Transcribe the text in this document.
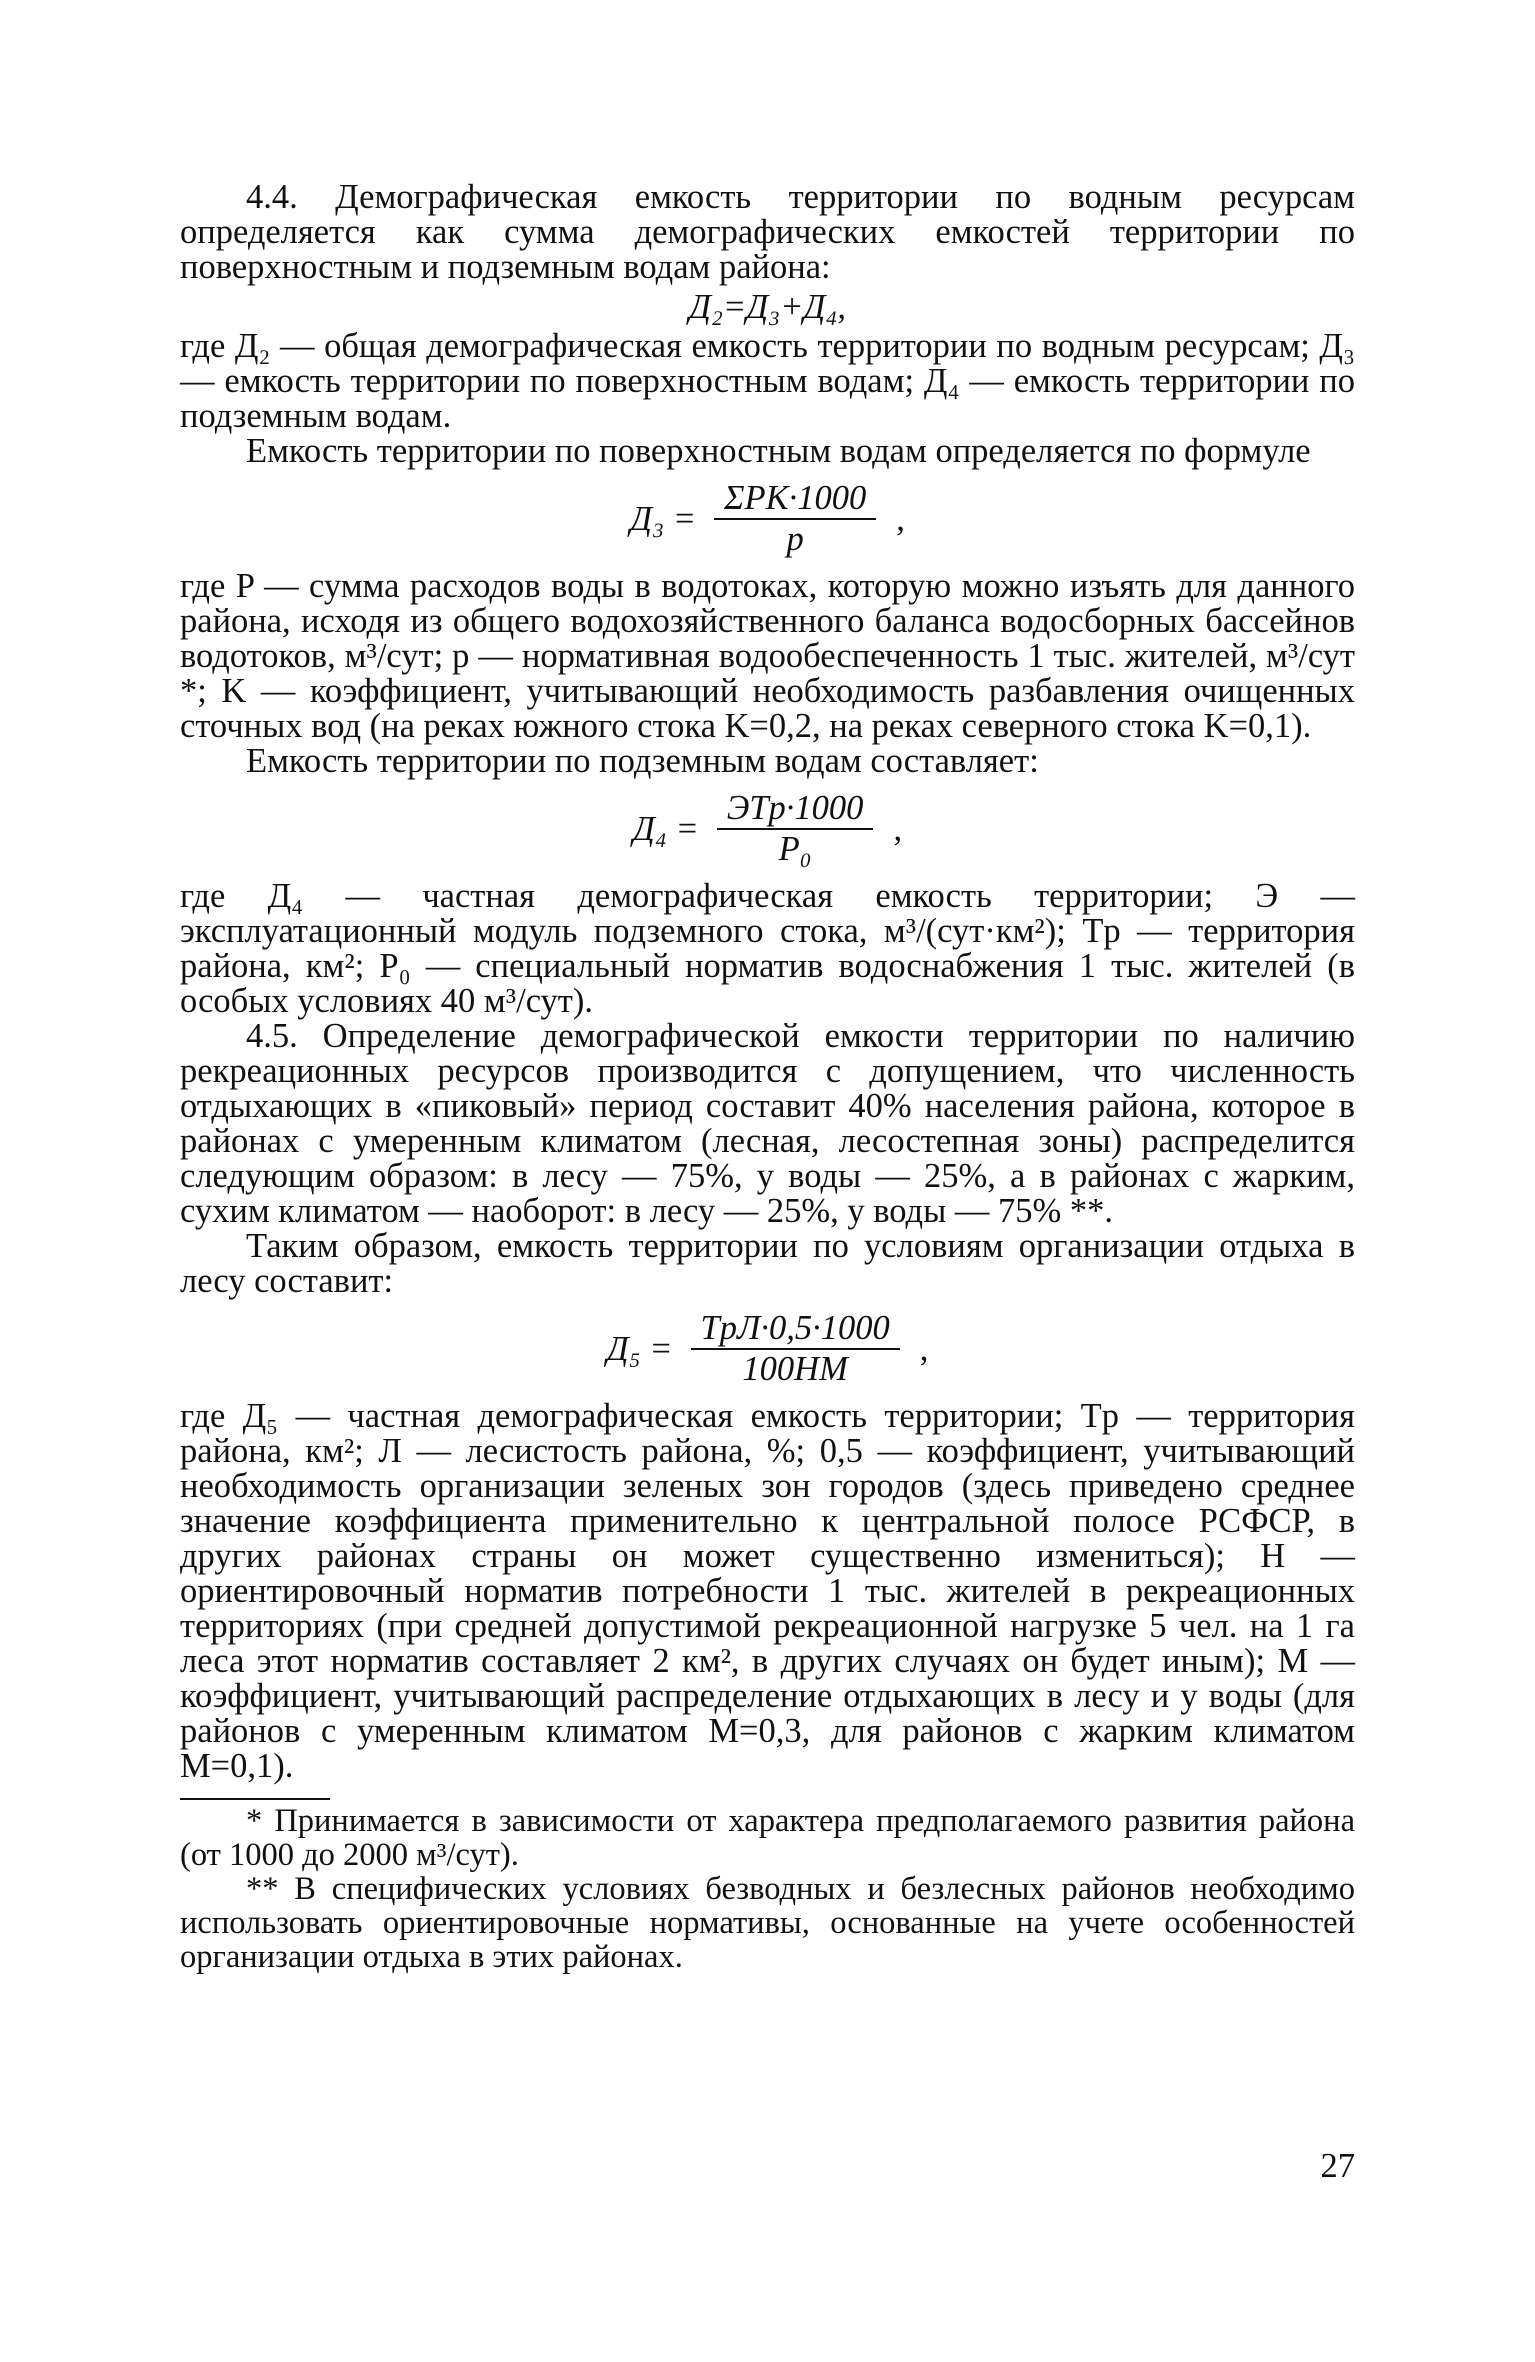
4.4. Демографическая емкость территории по водным ресурсам определяется как сумма демографических емкостей территории по поверхностным и подземным водам района:

Д₂=Д₃+Д₄,

где Д₂ — общая демографическая емкость территории по водным ресурсам; Д₃ — емкость территории по поверхностным водам; Д₄ — емкость территории по подземным водам.

Емкость территории по поверхностным водам определяется по формуле

$Д_3 = \frac{\text{ΣPK·1000}}{p}$ ,

где P — сумма расходов воды в водотоках, которую можно изъять для данного района, исходя из общего водохозяйственного баланса водосборных бассейнов водотоков, м³/сут; p — нормативная водообеспеченность 1 тыс. жителей, м³/сут *; K — коэффициент, учитывающий необходимость разбавления очищенных сточных вод (на реках южного стока K=0,2, на реках северного стока K=0,1).

Емкость территории по подземным водам составляет:

$Д_4 = \frac{\text{ЭTр·1000}}{\text{P₀}}$ ,

где Д₄ — частная демографическая емкость территории; Э — эксплуатационный модуль подземного стока, м³/(сут·км²); Tр — территория района, км²; P₀ — специальный норматив водоснабжения 1 тыс. жителей (в особых условиях 40 м³/сут).

4.5. Определение демографической емкости территории по наличию рекреационных ресурсов производится с допущением, что численность отдыхающих в «пиковый» период составит 40% населения района, которое в районах с умеренным климатом (лесная, лесостепная зоны) распределится следующим образом: в лесу — 75%, у воды — 25%, а в районах с жарким, сухим климатом — наоборот: в лесу — 25%, у воды — 75% **.

Таким образом, емкость территории по условиям организации отдыха в лесу составит:

$Д_5 = \frac{\text{TрЛ·0,5·1000}}{100HM}$ ,

где Д₅ — частная демографическая емкость территории; Tр — территория района, км²; Л — лесистость района, %; 0,5 — коэффициент, учитывающий необходимость организации зеленых зон городов (здесь приведено среднее значение коэффициента применительно к центральной полосе РСФСР, в других районах страны он может существенно измениться); H — ориентировочный норматив потребности 1 тыс. жителей в рекреационных территориях (при средней допустимой рекреационной нагрузке 5 чел. на 1 га леса этот норматив составляет 2 км², в других случаях он будет иным); M — коэффициент, учитывающий распределение отдыхающих в лесу и у воды (для районов с умеренным климатом M=0,3, для районов с жарким климатом M=0,1).

* Принимается в зависимости от характера предполагаемого развития района (от 1000 до 2000 м³/сут).

** В специфических условиях безводных и безлесных районов необходимо использовать ориентировочные нормативы, основанные на учете особенностей организации отдыха в этих районах.

27
